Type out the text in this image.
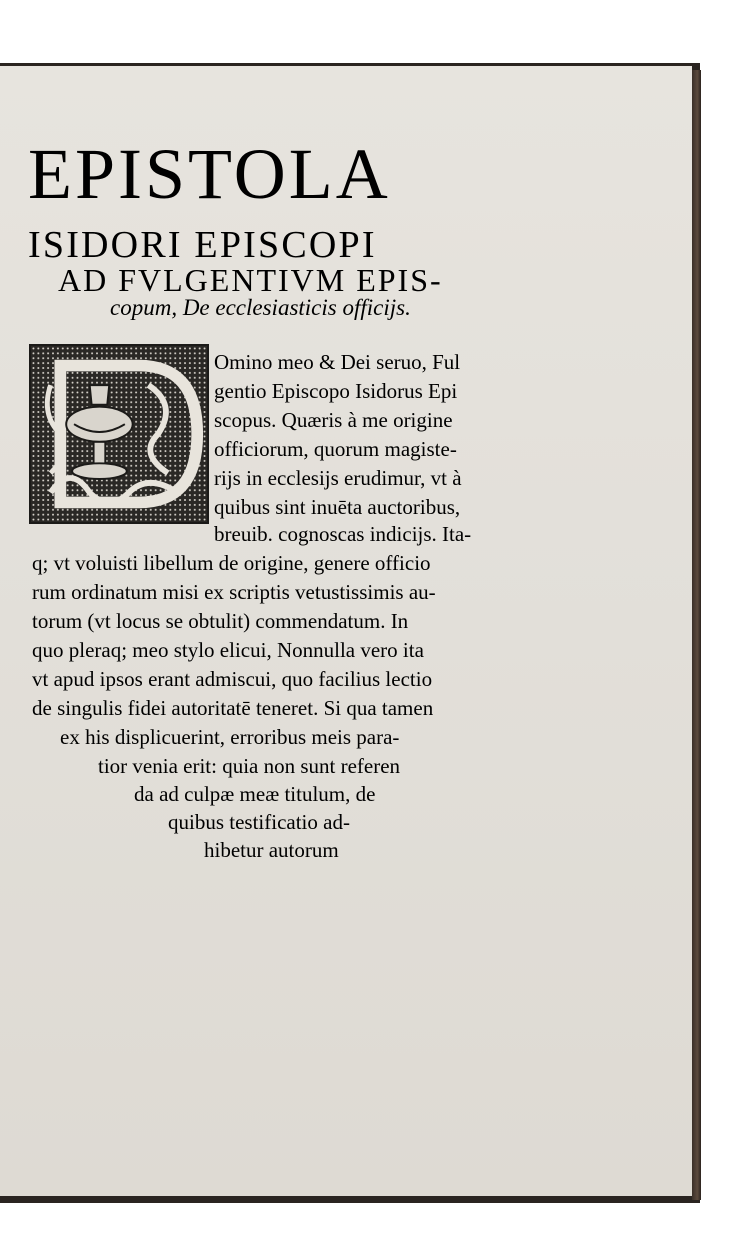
EPISTOLA
ISIDORI EPISCOPI
AD FVLGENTIVM EPIS-
copum, De ecclesiasticis officijs.
Omino meo & Dei seruo, Ful
gentio Episcopo Isidorus Epi
scopus. Quæris à me origine
officiorum, quorum magiste-
rijs in ecclesijs erudimur, vt à
quibus sint inuēta auctoribus,
breuib. cognoscas indicijs. Ita-
q; vt voluisti libellum de origine, genere officio
rum ordinatum misi ex scriptis vetustissimis au-
torum (vt locus se obtulit) commendatum. In
quo pleraq; meo stylo elicui, Nonnulla vero ita
vt apud ipsos erant admiscui, quo facilius lectio
de singulis fidei autoritatē teneret. Si qua tamen
ex his displicuerint, erroribus meis para-
tior venia erit: quia non sunt referen
da ad culpæ meæ titulum, de
quibus testificatio ad-
hibetur autorum
